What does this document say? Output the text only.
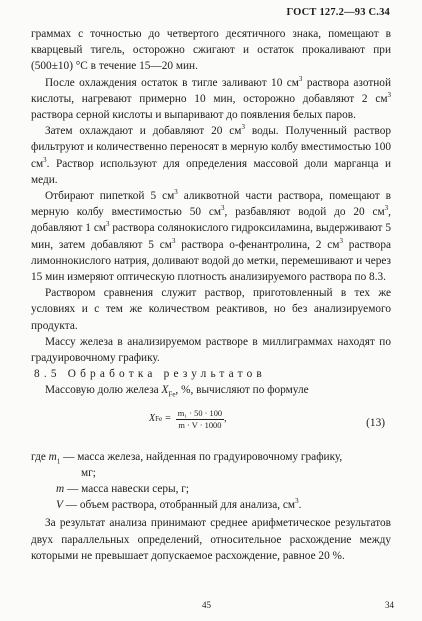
ГОСТ 127.2—93 С.34

граммах с точностью до четвертого десятичного знака, помещают в кварцевый тигель, осторожно сжигают и остаток прокаливают при (500±10) °С в течение 15—20 мин.

После охлаждения остаток в тигле заливают 10 $см^3$ раствора азотной кислоты, нагревают примерно 10 мин, осторожно добавляют 2 $см^3$ раствора серной кислоты и выпаривают до появления белых паров.

Затем охлаждают и добавляют 20 $см^3$ воды. Полученный раствор фильтруют и количественно переносят в мерную колбу вместимостью 100 $см^3$. Раствор используют для определения массовой доли марганца и меди.

Отбирают пипеткой 5 $см^3$ аликвотной части раствора, помещают в мерную колбу вместимостью 50 $см^3$, разбавляют водой до 20 $см^3$, добавляют 1 $см^3$ раствора солянокислого гидроксиламина, выдерживают 5 мин, затем добавляют 5 $см^3$ раствора о-фенантролина, 2 $см^3$ раствора лимоннокислого натрия, доливают водой до метки, перемешивают и через 15 мин измеряют оптическую плотность анализируемого раствора по 8.3.

Раствором сравнения служит раствор, приготовленный в тех же условиях и с тем же количеством реактивов, но без анализируемого продукта.

Массу железа в анализируемом растворе в миллиграммах находят по градуировочному графику.

8.5 Обработка результатов

Массовую долю железа $X_{Fe}$, %, вычисляют по формуле

X $Fe = \frac{\text{m₁ · 50 · 100}}{m \cdot V \cdot 1000}$ ,	(13)

где $m_1$ — масса железа, найденная по градуировочному графику,

мг;

m — масса навески серы, г;

V — объем раствора, отобранный для анализа, $см^3$.

За результат анализа принимают среднее арифметическое результатов двух параллельных определений, относительное расхождение между которыми не превышает допускаемое расхождение, равное 20 %.

45	34
